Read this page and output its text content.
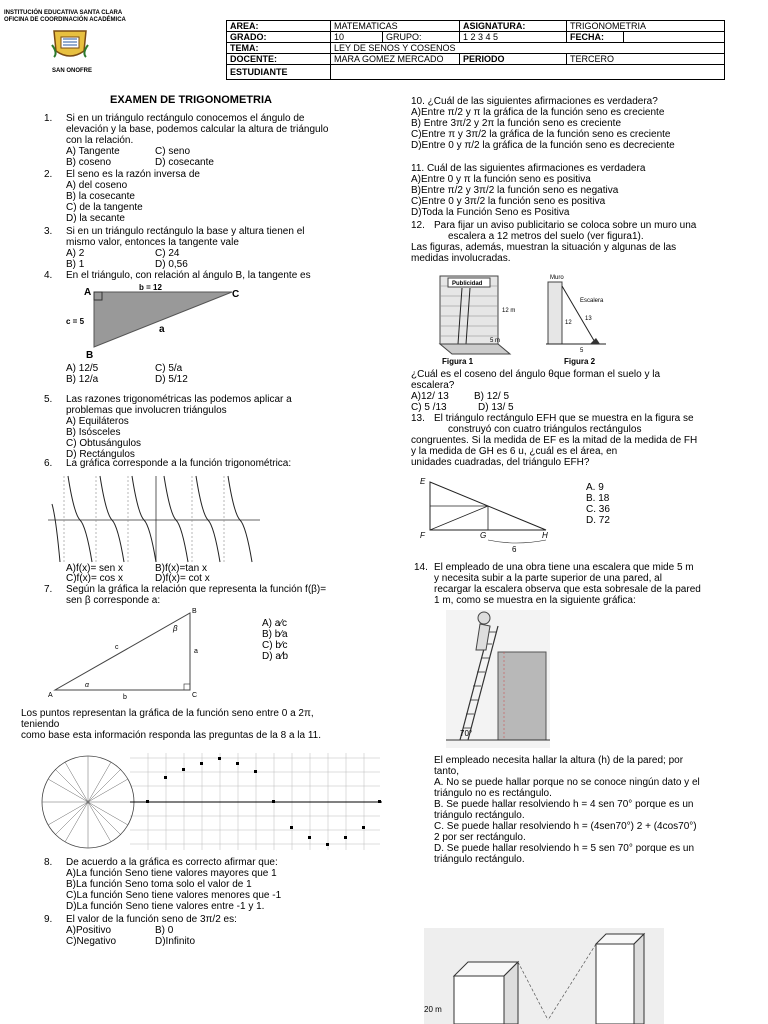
INSTITUCIÓN EDUCATIVA SANTA CLARA
OFICINA DE COORDINACIÓN ACADÉMICA
SAN ONOFRE
AREA:	MATEMATICAS		ASIGNATURA:	TRIGONOMETRIA	
GRADO:	10	GRUPO:	1 2 3 4 5	FECHA:	
TEMA:	LEY DE SENOS Y COSENOS				
DOCENTE:	MARA GOMEZ MERCADO		PERIODO	TERCERO	
ESTUDIANTE					
EXAMEN DE TRIGONOMETRIA
1. Si en un triángulo rectángulo conocemos el ángulo de
elevación y la base, podemos calcular la altura de triángulo
con la relación.
A) Tangente	C) seno
B) coseno	D) cosecante
2. El seno es la razón inversa de
A) del coseno
B) la cosecante
C) de la tangente
D) la secante
3. Si en un triángulo rectángulo la base y altura tienen el
mismo valor, entonces la tangente vale
A) 2	C) 24
B) 1	D) 0,56
4. En el triángulo, con relación al ángulo B, la tangente es
A	b = 12
C
c = 5
a
B
A) 12/5	C) 5/a
B) 12/a	D) 5/12
5. Las razones trigonométricas las podemos aplicar a
problemas que involucren triángulos
A) Equiláteros
B) Isósceles
C) Obtusángulos
D) Rectángulos
6. La gráfica corresponde a la función trigonométrica:
A)f(x)= sen x	B)f(x)=tan x
C)f(x)= cos x	D)f(x)= cot x
7. Según la gráfica la relación que representa la función f(β)=
sen β corresponde a:
B
A	C
c
a
b
β
α
A) a⁄c
B) b⁄a
C) b⁄c
D) a⁄b
Los puntos representan la gráfica de la función seno entre 0 a 2π,
teniendo
como base esta información responda las preguntas de la 8 a la 11.
8. De acuerdo a la gráfica es correcto afirmar que:
A)La función Seno tiene valores mayores que 1
B)La función Seno toma solo el valor de 1
C)La función Seno tiene valores menores que -1
D)La función Seno tiene valores entre -1 y 1.
9. El valor de la función seno de 3π/2 es:
A)Positivo	B) 0
C)Negativo	D)Infinito
10. ¿Cuál de las siguientes afirmaciones es verdadera?
A)Entre π/2 y π la gráfica de la función seno es creciente
B) Entre 3π/2 y 2π la función seno es creciente
C)Entre π y 3π/2 la gráfica de la función seno es creciente
D)Entre 0 y π/2 la gráfica de la función seno es decreciente
11. Cuál de las siguientes afirmaciones es verdadera
A)Entre 0 y π la función seno es positiva
B)Entre π/2 y 3π/2 la función seno es negativa
C)Entre 0 y 3π/2 la función seno es positiva
D)Toda la Función Seno es Positiva
12. Para fijar un aviso publicitario se coloca sobre un muro una
escalera a 12 metros del suelo (ver figura1).
Las figuras, además, muestran la situación y algunas de las
medidas involucradas.
Publicidad
12 m
5 m
Figura 1
Muro
Escalera
13
12
5
Figura 2
¿Cuál es el coseno del ángulo θque forman el suelo y la
escalera?
A)12/ 13	B) 12/ 5
C) 5 /13	D) 13/ 5
13. El triángulo rectángulo EFH que se muestra en la figura se
construyó con cuatro triángulos rectángulos
congruentes. Si la medida de EF es la mitad de la medida de FH
y la medida de GH es 6 u, ¿cuál es el área, en
unidades cuadradas, del triángulo EFH?
E
F	G	H
6
A. 9
B. 18
C. 36
D. 72
14. El empleado de una obra tiene una escalera que mide 5 m
y necesita subir a la parte superior de una pared, al
recargar la escalera observa que esta sobresale de la pared
1 m, como se muestra en la siguiente gráfica:
70°
El empleado necesita hallar la altura (h) de la pared; por
tanto,
A. No se puede hallar porque no se conoce ningún dato y el
triángulo no es rectángulo.
B. Se puede hallar resolviendo h = 4 sen 70° porque es un
triángulo rectángulo.
C. Se puede hallar resolviendo h = (4sen70°) 2 + (4cos70°)
2 por ser rectángulo.
D. Se puede hallar resolviendo h = 5 sen 70° porque es un
triángulo rectángulo.
20 m
